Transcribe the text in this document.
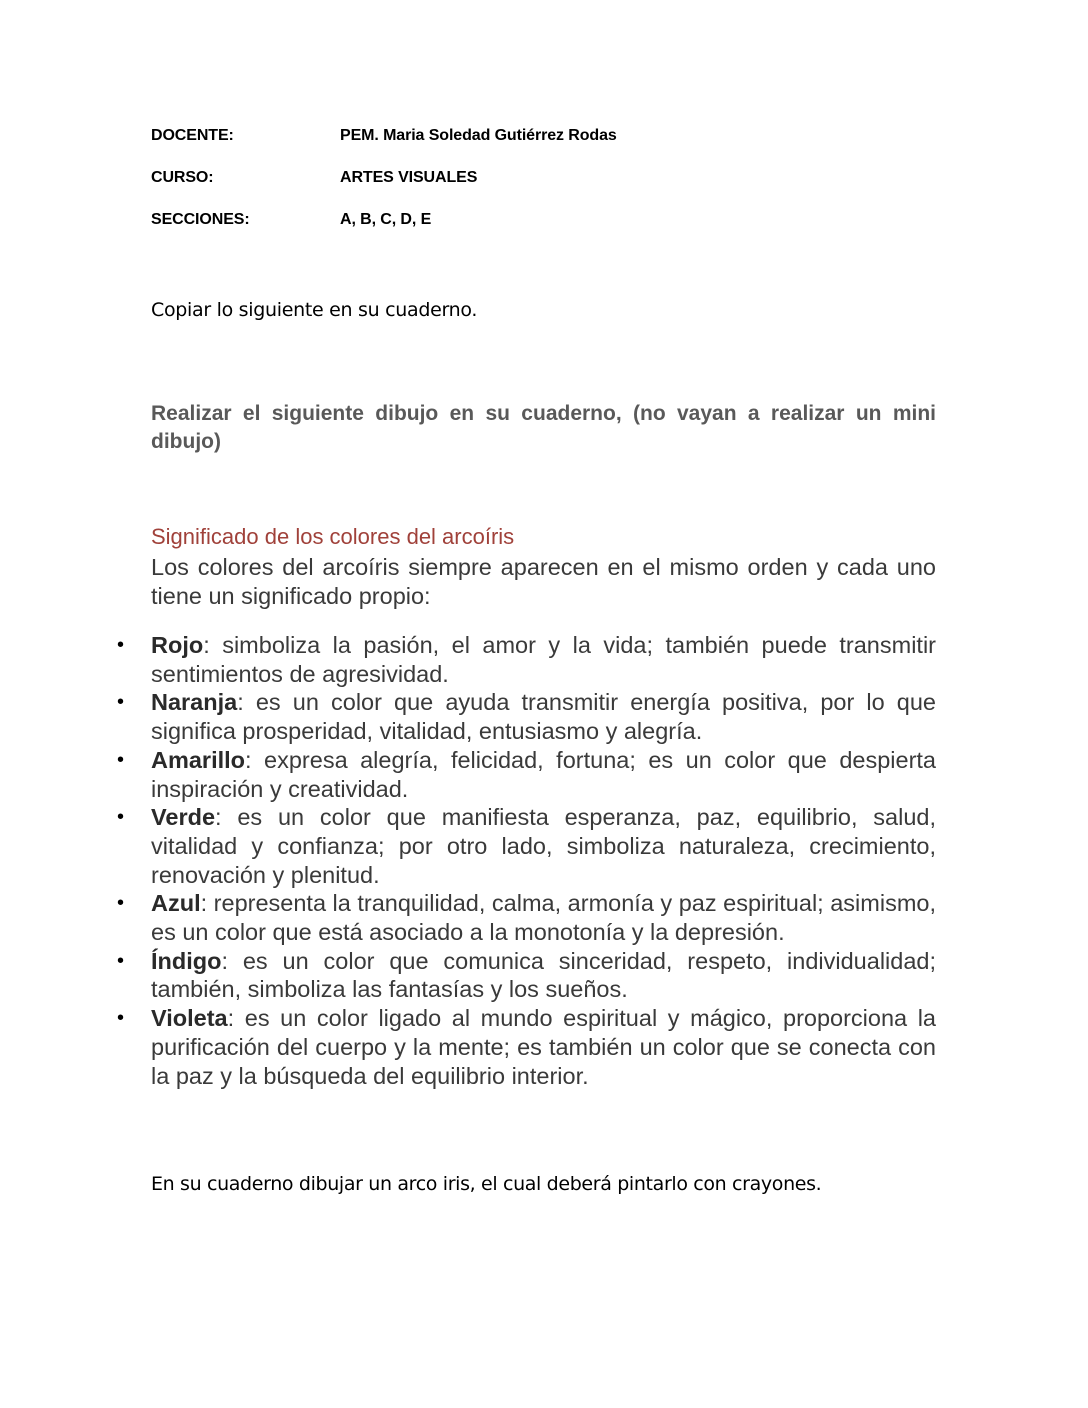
DOCENTE:	PEM. Maria Soledad Gutiérrez Rodas
CURSO:	ARTES VISUALES
SECCIONES:	A, B, C, D, E
Copiar lo siguiente en su cuaderno.
Realizar el siguiente dibujo en su cuaderno, (no vayan a realizar un mini dibujo)
Significado de los colores del arcoíris
Los colores del arcoíris siempre aparecen en el mismo orden y cada uno tiene un significado propio:
• Rojo: simboliza la pasión, el amor y la vida; también puede transmitir sentimientos de agresividad.
• Naranja: es un color que ayuda transmitir energía positiva, por lo que significa prosperidad, vitalidad, entusiasmo y alegría.
• Amarillo: expresa alegría, felicidad, fortuna; es un color que despierta inspiración y creatividad.
• Verde: es un color que manifiesta esperanza, paz, equilibrio, salud, vitalidad y confianza; por otro lado, simboliza naturaleza, crecimiento, renovación y plenitud.
• Azul: representa la tranquilidad, calma, armonía y paz espiritual; asimismo, es un color que está asociado a la monotonía y la depresión.
• Índigo: es un color que comunica sinceridad, respeto, individualidad; también, simboliza las fantasías y los sueños.
• Violeta: es un color ligado al mundo espiritual y mágico, proporciona la purificación del cuerpo y la mente; es también un color que se conecta con la paz y la búsqueda del equilibrio interior.
En su cuaderno dibujar un arco iris, el cual deberá pintarlo con crayones.
